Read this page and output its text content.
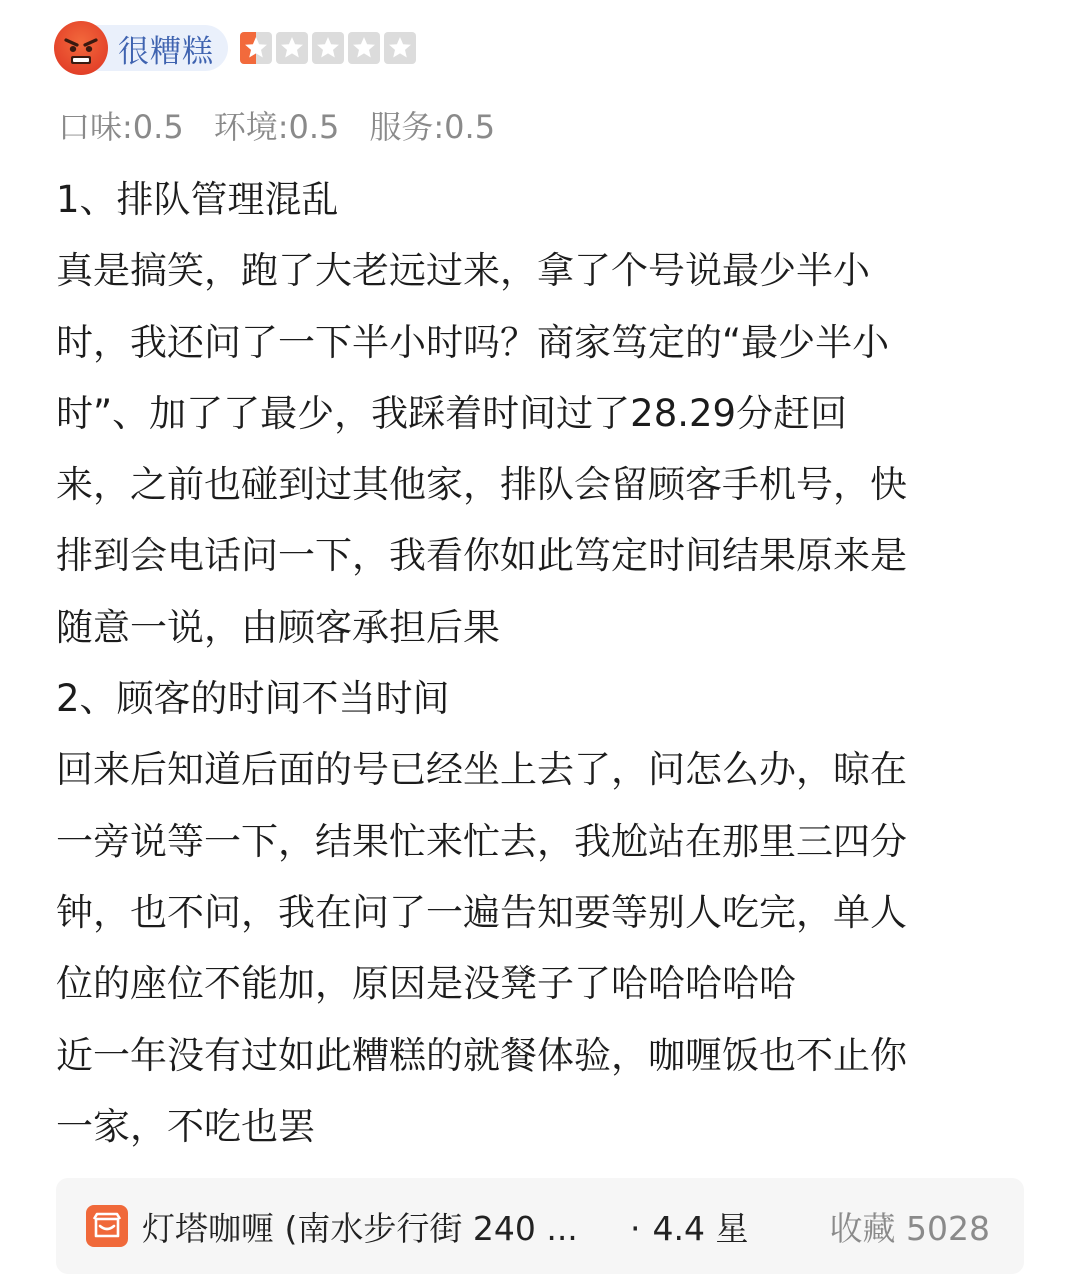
很糟糕
口味:0.5 环境:0.5 服务:0.5
1、排队管理混乱
真是搞笑，跑了大老远过来，拿了个号说最少半小
时，我还问了一下半小时吗？商家笃定的“最少半小
时”、加了了最少，我踩着时间过了28.29分赶回
来，之前也碰到过其他家，排队会留顾客手机号，快
排到会电话问一下，我看你如此笃定时间结果原来是
随意一说，由顾客承担后果
2、顾客的时间不当时间
回来后知道后面的号已经坐上去了，问怎么办，晾在
一旁说等一下，结果忙来忙去，我尬站在那里三四分
钟，也不问，我在问了一遍告知要等别人吃完，单人
位的座位不能加，原因是没凳子了哈哈哈哈哈
近一年没有过如此糟糕的就餐体验，咖喱饭也不止你
一家，不吃也罢
灯塔咖喱 (南水步行街 240 ...	· 4.4 星 收藏 5028
